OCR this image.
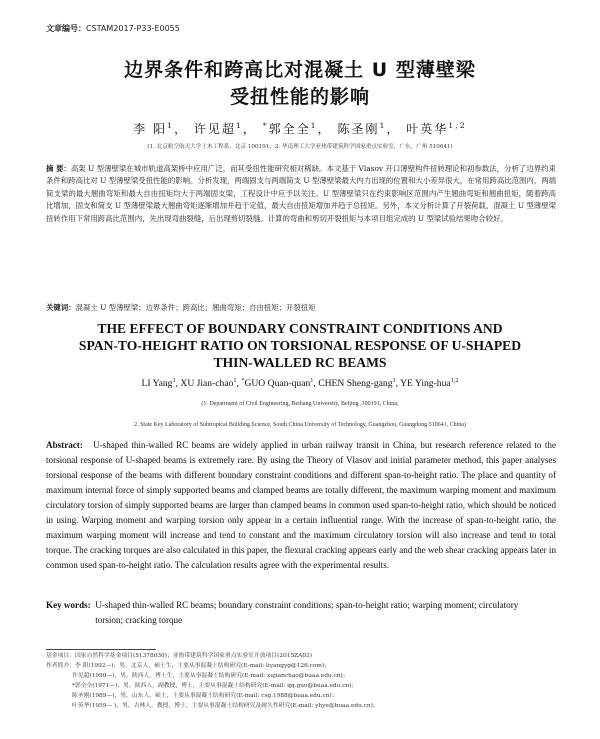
文章编号：CSTAM2017-P33-E0055
边界条件和跨高比对混凝土 U 型薄壁梁
受扭性能的影响
李 阳$^1$， 许见超$^1$， *郭全全$^1$， 陈圣刚$^1$， 叶英华$^{1,2}$
(1. 北京航空航天大学土木工程系，北京 100191；2. 华南理工大学亚热带建筑科学国家重点实验室，广东，广州 510641)
摘 要：高架 U 型薄壁梁在城市轨道高架桥中应用广泛，而其受扭性能研究相对稀缺。本文基于 Vlasov 开口薄壁构件扭转理论和初参数法，分析了边界约束条件和跨高比对 U 型薄壁梁受扭性能的影响。分析发现，两端固支与两端简支 U 型薄壁梁最大内力出现的位置和大小差异很大，在常用跨高比范围内，两端简支梁的最大翘曲弯矩和最大自由扭矩均大于两端固支梁，工程设计中应予以关注。U 型薄壁梁只在约束影响区范围内产生翘曲弯矩和翘曲扭矩，随着跨高比增加，固支和简支 U 型薄壁梁最大翘曲弯矩逐渐增加并趋于定值，最大自由扭矩增加并趋于总扭矩。另外，本文分析计算了开裂荷载，混凝土 U 型薄壁梁扭转作用下常用跨高比范围内，先出现弯曲裂缝，后出现剪切裂缝。计算的弯曲和剪切开裂扭矩与本项目组完成的 U 型梁试验结果吻合较好。
关键词：混凝土 U 型薄壁梁；边界条件；跨高比；翘曲弯矩；自由扭矩；开裂扭矩
THE EFFECT OF BOUNDARY CONSTRAINT CONDITIONS AND
SPAN-TO-HEIGHT RATIO ON TORSIONAL RESPONSE OF U-SHAPED
THIN-WALLED RC BEAMS
LI Yang$^1$, XU Jian-chao$^1$, *GUO Quan-quan$^1$, CHEN Sheng-gang$^1$, YE Ying-hua$^{1,2}$
(1. Department of Civil Engineering, Beihang University, Beijing ,100191, China;
2. State Key Laboratory of Subtropical Building Science, South China University of Technology, Guangzhou, Guangdong 510641, China)
Abstract: U-shaped thin-walled RC beams are widely applied in urban railway transit in China, but research reference related to the torsional response of U-shaped beams is extremely rare. By using the Theory of Vlasov and initial parameter method, this paper analyses torsional response of the beams with different boundary constraint conditions and different span-to-height ratio. The place and quantity of maximum internal force of simply supported beams and clamped beams are totally different, the maximum warping moment and maximum circulatory torsion of simply supported beams are larger than clamped beams in common used span-to-height ratio, which should be noticed in using. Warping moment and warping torsion only appear in a certain influential range. With the increase of span-to-height ratio, the maximum warping moment will increase and tend to constant and the maximum circulatory torsion will also increase and tend to total torque. The cracking torques are also calculated in this paper, the flexural cracking appears early and the web shear cracking appears later in common used span-to-height ratio. The calculation results agree with the experimental results.
Key words: U-shaped thin-walled RC beams; boundary constraint conditions; span-to-height ratio; warping moment; circulatory torsion; cracking torque
基金项目：国家自然科学基金项目(51378030)；亚热带建筑科学国家重点实验室开放项目(2015ZA03)
作者简介：李 阳(1992—)，男，北京人，硕士生，主要从事混凝土结构研究(E-mail: liyangyg@126.com)；
许见超(1990—)，男，陕西人，博士生，主要从事混凝土结构研究(E-mail: xujianchao@buaa.edu.cn)；
*郭全全(1971—)，男，陕西人，副教授，博士，主要从事混凝土结构研究(E-mail: qq.guo@buaa.edu.cn)；
陈圣刚(1989—)，男，山东人，硕士，主要从事混凝土结构研究(E-mail: csg.1988@buaa.edu.cn)；
叶英华(1959— )，男，吉林人，教授，博士，主要从事混凝土结构研究及耐久性研究(E-mail: yhye@buaa.edu.cn)。
